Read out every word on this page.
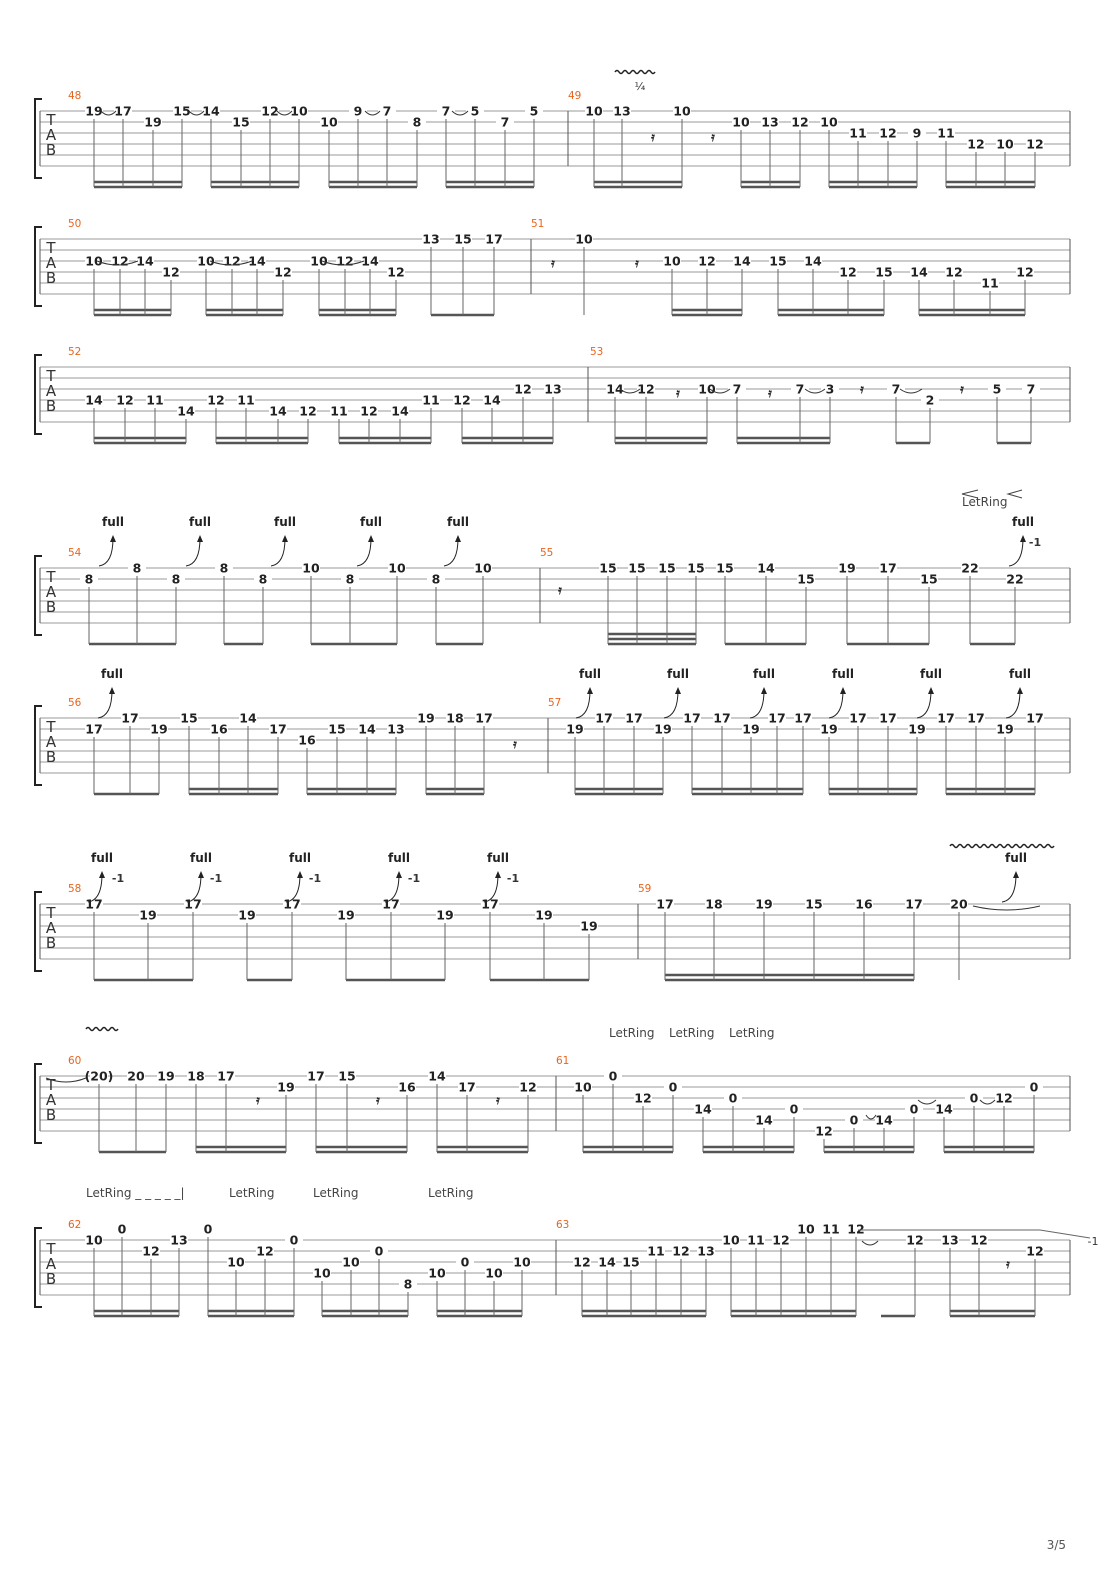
T
A
B
48	49
19 17
19
15 14
15
12 10
10
9 7
8
7 5
7
5	10 13	10
10 13 12 10
11 12 9 11
12 10 12
T
A
B
50	51
10 12 14
12
10 12 14
12
10 12 14
12
13 15 17	10
10 12 14 15 14
12 15 14 12
11
12
T
A
B
52	53
14 12 11
14
12 11
14 12 11 12 14
11 12 14
12 13	14 12	10 7	7 3	7
2
5 7
T
A
B
54	55
8
8
8
8
8
10
8
10
8
10	15 15 15 15 15 14
15
19 17
15
22
22
T
A
B
56	57
17
17
19
15
16
14
17
16
15 14 13
19 18 17
19
17 17
19
17 17
19
17 17
19
17 17
19
17 17
19
17
T
A
B
58	59
17
19
17
19
17
19
17
19
17
19
19
17	18	19	15	16	17 20
T
A
B
60	61
(20) 20 19 18 17
19
17 15
16
14
17	12	10
0
12
0
14
0
14
0
12
0 14
0 14
0 12
0
T
A
B
62	63
10
0
12
13
0
10
12
0
10
10
0
8
10
0
10
10	12 14 15
11 12 13
10 11 12
10 11 12
12 13 12
12
𝄿	𝄿
𝄿	𝄿
𝄿	𝄿	𝄿	𝄿
𝄿
𝄿
𝄿	𝄿	𝄿
𝄿
full	full	full	full	full	full
full	full	full	full	full	full	full
full	full	full	full	full	full
-1
-1	-1	-1	-1	-1
-1
¼
LetRing
LetRing LetRing LetRing
LetRing	LetRing	LetRing
LetRing _ _ _ _ _|
3/5
